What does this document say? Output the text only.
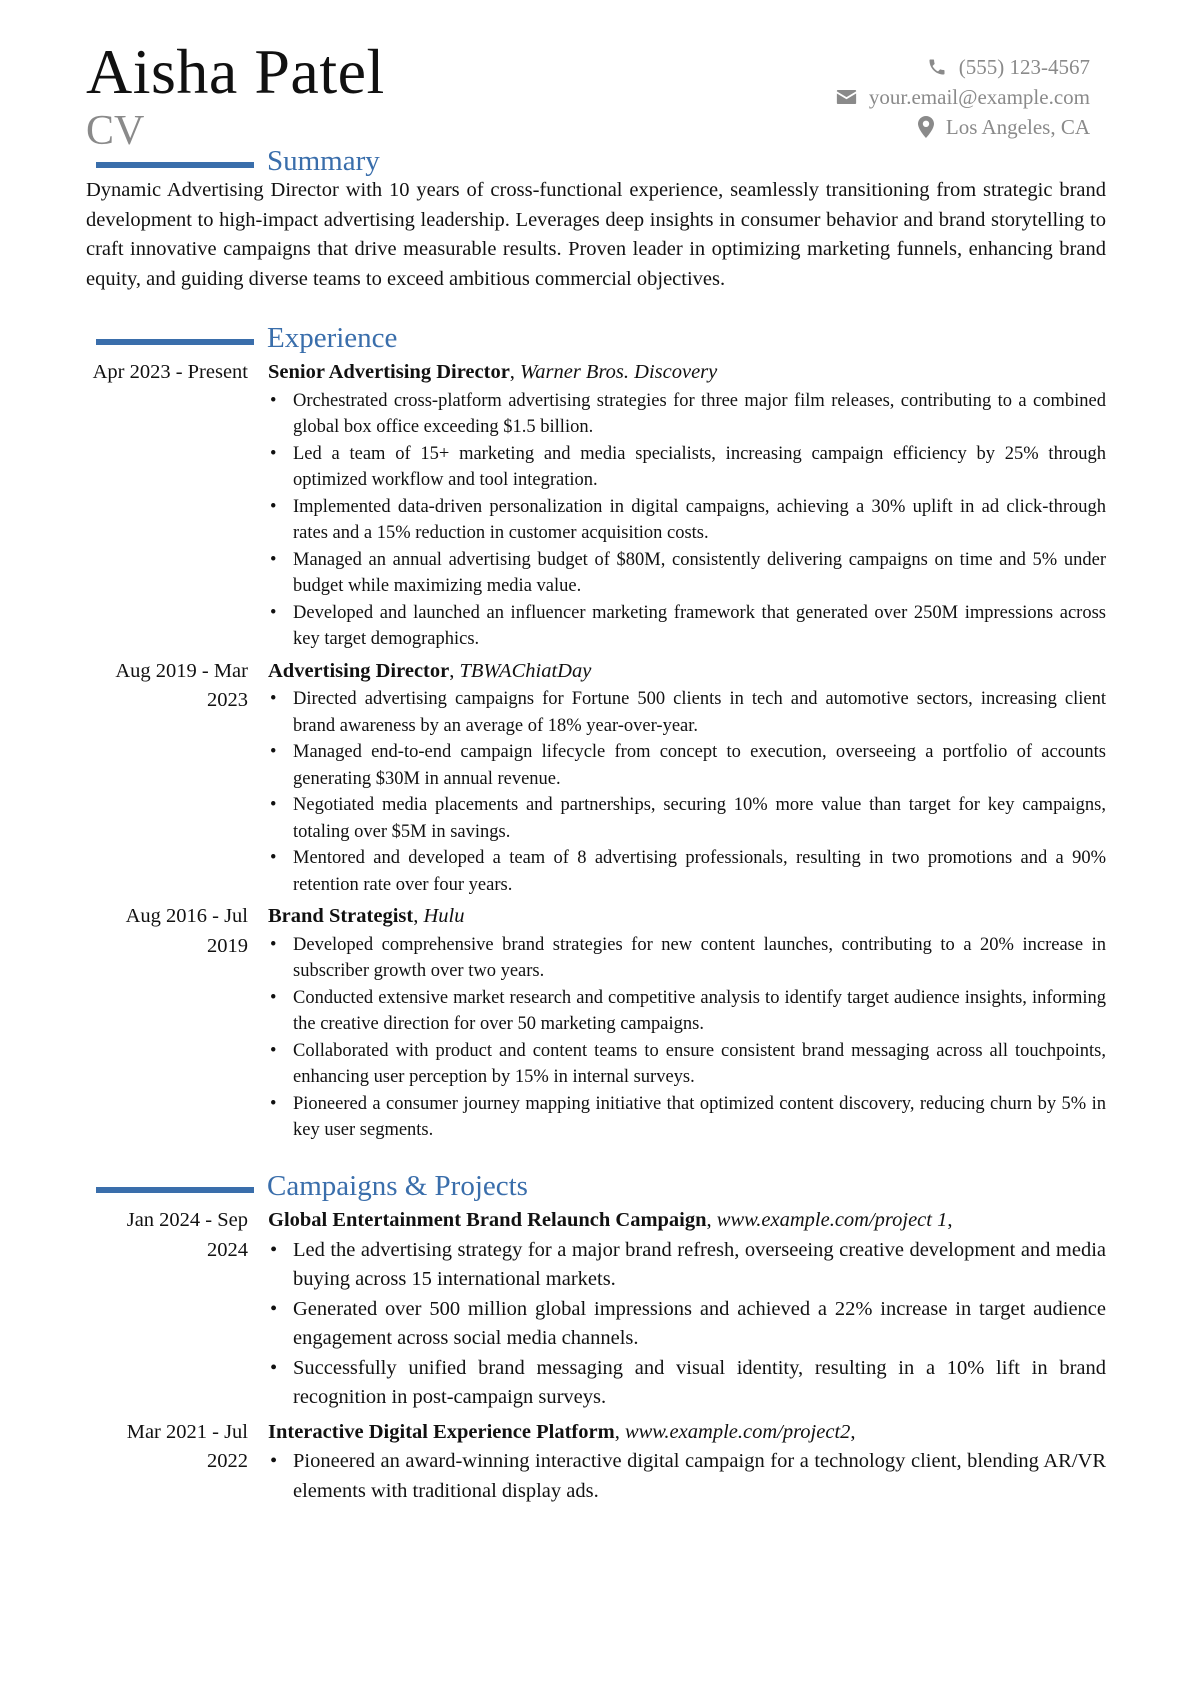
Aisha Patel
CV
(555) 123-4567
your.email@example.com
Los Angeles, CA
Summary

Dynamic Advertising Director with 10 years of cross-functional experience, seamlessly transitioning from strategic brand development to high-impact advertising leadership. Leverages deep insights in consumer behavior and brand storytelling to craft innovative campaigns that drive measurable results. Proven leader in optimizing marketing funnels, enhancing brand equity, and guiding diverse teams to exceed ambitious commercial objectives.

Experience
Apr 2023 - Present Senior Advertising Director, Warner Bros. Discovery
• Orchestrated cross-platform advertising strategies for three major film releases, contributing to a combined global box office exceeding $1.5 billion.
• Led a team of 15+ marketing and media specialists, increasing campaign efficiency by 25% through optimized workflow and tool integration.
• Implemented data-driven personalization in digital campaigns, achieving a 30% uplift in ad click-through rates and a 15% reduction in customer acquisition costs.
• Managed an annual advertising budget of $80M, consistently delivering campaigns on time and 5% under budget while maximizing media value.
• Developed and launched an influencer marketing framework that generated over 250M impressions across key target demographics.
Aug 2019 - Mar 2023
Advertising Director, TBWAChiatDay
• Directed advertising campaigns for Fortune 500 clients in tech and automotive sectors, increasing client brand awareness by an average of 18% year-over-year.
• Managed end-to-end campaign lifecycle from concept to execution, overseeing a portfolio of accounts generating $30M in annual revenue.
• Negotiated media placements and partnerships, securing 10% more value than target for key campaigns, totaling over $5M in savings.
• Mentored and developed a team of 8 advertising professionals, resulting in two promotions and a 90% retention rate over four years.
Aug 2016 - Jul 2019
Brand Strategist, Hulu
• Developed comprehensive brand strategies for new content launches, contributing to a 20% increase in subscriber growth over two years.
• Conducted extensive market research and competitive analysis to identify target audience insights, informing the creative direction for over 50 marketing campaigns.
• Collaborated with product and content teams to ensure consistent brand messaging across all touchpoints, enhancing user perception by 15% in internal surveys.
• Pioneered a consumer journey mapping initiative that optimized content discovery, reducing churn by 5% in key user segments.
Campaigns & Projects
Jan 2024 - Sep 2024
Global Entertainment Brand Relaunch Campaign, www.example.com/project 1,
• Led the advertising strategy for a major brand refresh, overseeing creative development and media buying across 15 international markets.
• Generated over 500 million global impressions and achieved a 22% increase in target audience engagement across social media channels.
• Successfully unified brand messaging and visual identity, resulting in a 10% lift in brand recognition in post-campaign surveys.
Mar 2021 - Jul 2022
Interactive Digital Experience Platform, www.example.com/project2,
• Pioneered an award-winning interactive digital campaign for a technology client, blending AR/VR elements with traditional display ads.
